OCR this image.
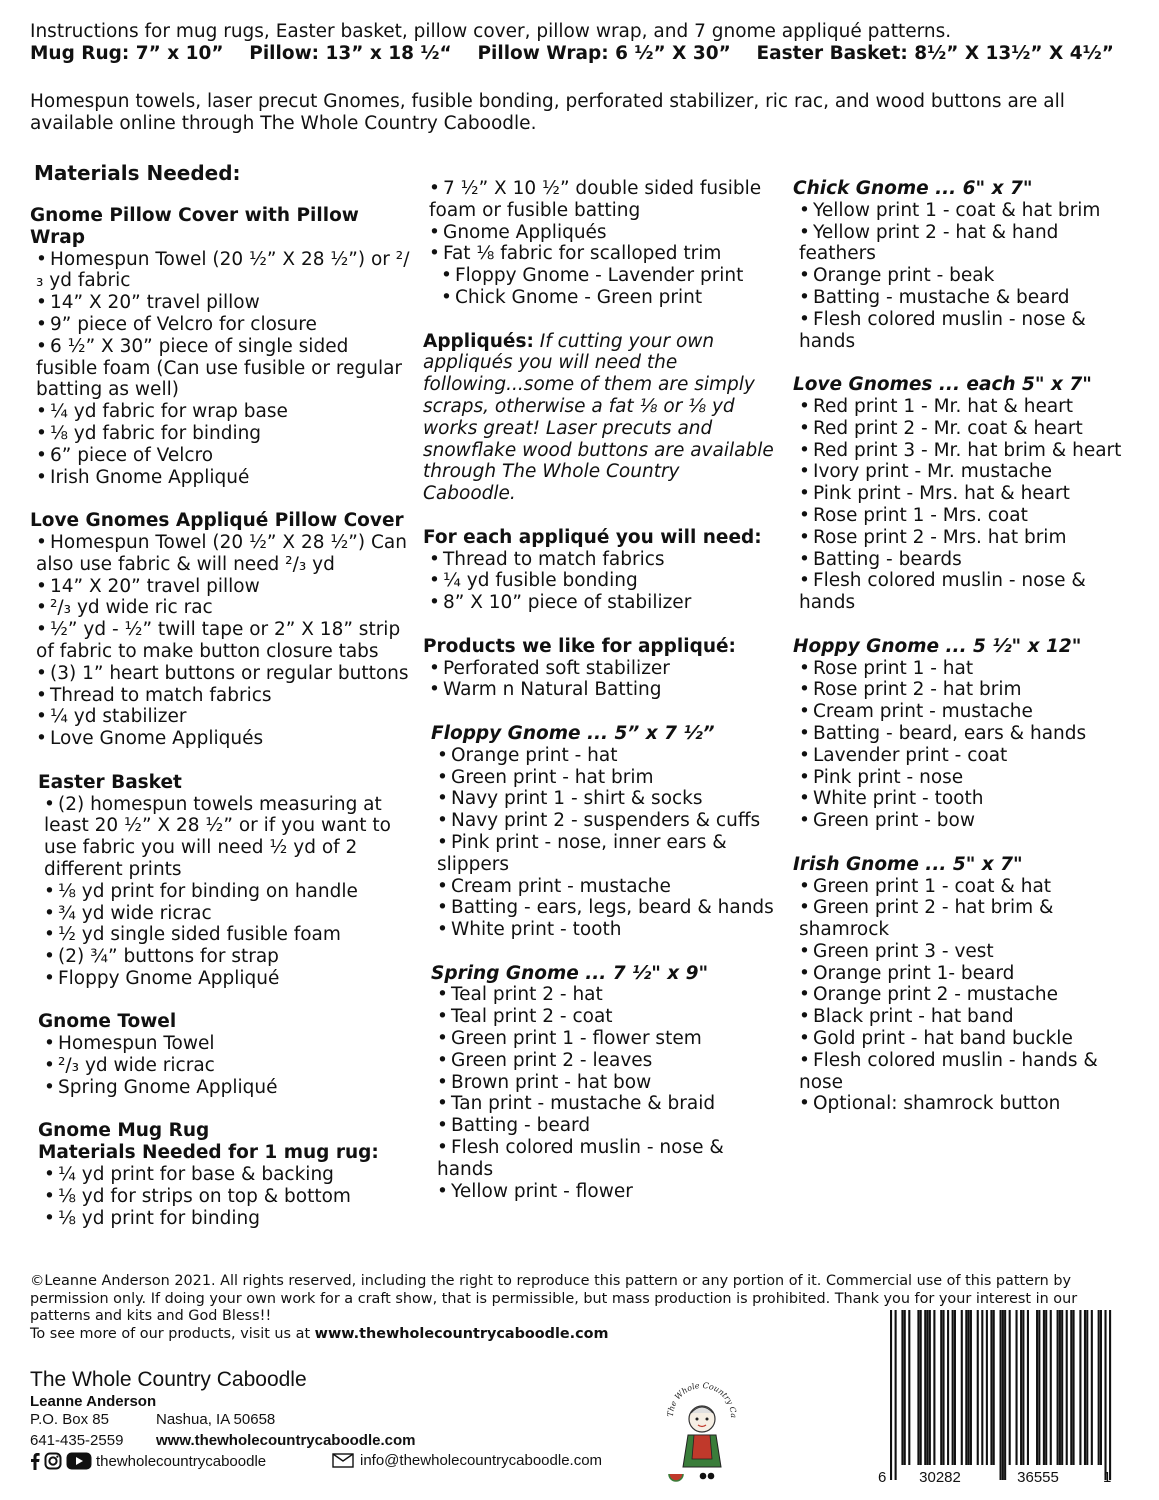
Instructions for mug rugs, Easter basket, pillow cover, pillow wrap, and 7 gnome appliqué patterns.
Mug Rug: 7” x 10”    Pillow: 13” x 18 ½“    Pillow Wrap: 6 ½” X 30”    Easter Basket: 8½” X 13½” X 4½”
Homespun towels, laser precut Gnomes, fusible bonding, perforated stabilizer, ric rac, and wood buttons are all available online through The Whole Country Caboodle.
Materials Needed:
Gnome Pillow Cover with Pillow Wrap
• Homespun Towel (20 ½” X 28 ½”) or ²/₃ yd fabric
• 14” X 20” travel pillow
• 9” piece of Velcro for closure
• 6 ½” X 30” piece of single sided fusible foam (Can use fusible or regular batting as well)
• ¼ yd fabric for wrap base
• ⅛ yd fabric for binding
• 6” piece of Velcro
• Irish Gnome Appliqué
Love Gnomes Appliqué Pillow Cover
• Homespun Towel (20 ½” X 28 ½”) Can also use fabric & will need ²/₃ yd
• 14” X 20” travel pillow
• ²/₃ yd wide ric rac
• ½” yd - ½” twill tape or 2” X 18” strip of fabric to make button closure tabs
• (3) 1” heart buttons or regular buttons
• Thread to match fabrics
• ¼ yd stabilizer
• Love Gnome Appliqués
Easter Basket
• (2) homespun towels measuring at least 20 ½” X 28 ½” or if you want to use fabric you will need ½ yd of 2 different prints
• ⅛ yd print for binding on handle
• ¾ yd wide ricrac
• ½ yd single sided fusible foam
• (2) ¾” buttons for strap
• Floppy Gnome Appliqué
Gnome Towel
• Homespun Towel
• ²/₃ yd wide ricrac
• Spring Gnome Appliqué
Gnome Mug Rug
Materials Needed for 1 mug rug:
• ¼ yd print for base & backing
• ⅛ yd for strips on top & bottom
• ⅛ yd print for binding
• 7 ½” X 10 ½” double sided fusible foam or fusible batting
• Gnome Appliqués
• Fat ⅛ fabric for scalloped trim
• Floppy Gnome - Lavender print
• Chick Gnome - Green print
Appliqués: If cutting your own appliqués you will need the following...some of them are simply scraps, otherwise a fat ⅛ or ⅛ yd works great! Laser precuts and snowflake wood buttons are available through The Whole Country Caboodle.
For each appliqué you will need:
• Thread to match fabrics
• ¼ yd fusible bonding
• 8” X 10” piece of stabilizer
Products we like for appliqué:
• Perforated soft stabilizer
• Warm n Natural Batting
Floppy Gnome ... 5” x 7 ½”
• Orange print - hat
• Green print - hat brim
• Navy print 1 - shirt & socks
• Navy print 2 - suspenders & cuffs
• Pink print - nose, inner ears & slippers
• Cream print - mustache
• Batting - ears, legs, beard & hands
• White print - tooth
Spring Gnome ... 7 ½" x 9"
• Teal print 2 - hat
• Teal print 2 - coat
• Green print 1 - flower stem
• Green print 2 - leaves
• Brown print - hat bow
• Tan print - mustache & braid
• Batting - beard
• Flesh colored muslin - nose & hands
• Yellow print - flower
Chick Gnome ... 6" x 7"
• Yellow print 1 - coat & hat brim
• Yellow print 2 - hat & hand feathers
• Orange print - beak
• Batting - mustache & beard
• Flesh colored muslin - nose & hands
Love Gnomes ... each 5" x 7"
• Red print 1 - Mr. hat & heart
• Red print 2 - Mr. coat & heart
• Red print 3 - Mr. hat brim & heart
• Ivory print - Mr. mustache
• Pink print - Mrs. hat & heart
• Rose print 1 - Mrs. coat
• Rose print 2 - Mrs. hat brim
• Batting - beards
• Flesh colored muslin - nose & hands
Hoppy Gnome ... 5 ½" x 12"
• Rose print 1 - hat
• Rose print 2 - hat brim
• Cream print - mustache
• Batting - beard, ears & hands
• Lavender print - coat
• Pink print - nose
• White print - tooth
• Green print - bow
Irish Gnome ... 5" x 7"
• Green print 1 - coat & hat
• Green print 2 - hat brim & shamrock
• Green print 3 - vest
• Orange print 1- beard
• Orange print 2 - mustache
• Black print - hat band
• Gold print - hat band buckle
• Flesh colored muslin - hands & nose
• Optional: shamrock button
©Leanne Anderson 2021. All rights reserved, including the right to reproduce this pattern or any portion of it. Commercial use of this pattern by permission only. If doing your own work for a craft show, that is permissible, but mass production is prohibited. Thank you for your interest in our patterns and kits and God Bless!!
To see more of our products, visit us at www.thewholecountrycaboodle.com
The Whole Country Caboodle
Leanne Anderson
P.O. Box 85	Nashua, IA 50658
641-435-2559 www.thewholecountrycaboodle.com
thewholecountrycaboodle	info@thewholecountrycaboodle.com
The Whole Country Ca
6 30282	36555	1
